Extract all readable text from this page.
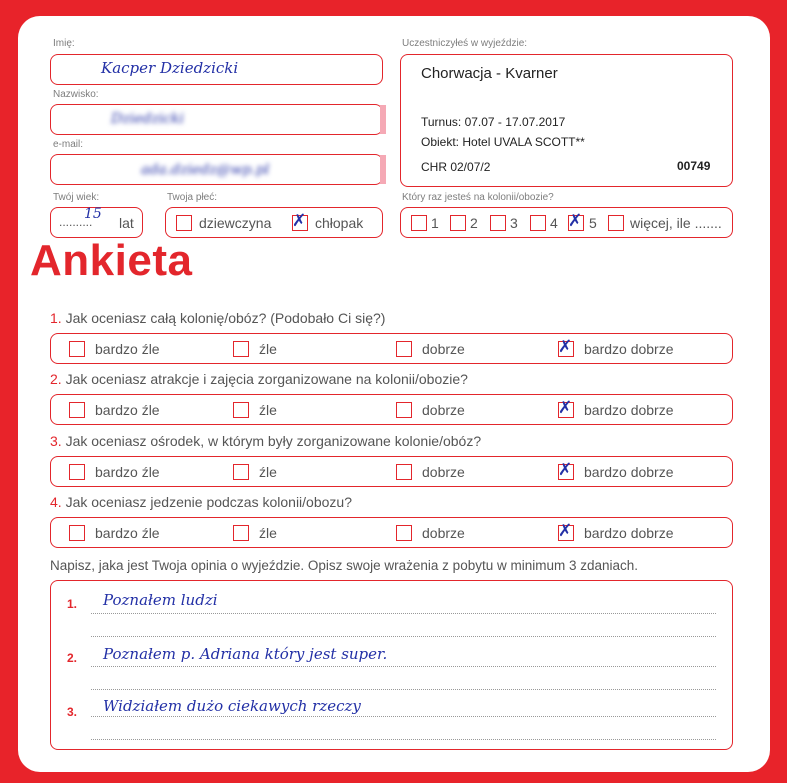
Imię:
Kacper Dziedzicki
Nazwisko:
Dziedzicki
e-mail:
ada.dziedz@wp.pl
Twój wiek:
..........
15
lat
Twoja płeć:
dziewczyna ✗ chłopak
Uczestniczyłeś w wyjeździe:
Chorwacja - Kvarner
Turnus: 07.07 - 17.07.2017
Obiekt: Hotel UVALA SCOTT**
CHR 02/07/2	00749
Który raz jesteś na kolonii/obozie?
1 2 3 4 ✗ 5 więcej, ile .......
Ankieta
1. Jak oceniasz całą kolonię/obóz? (Podobało Ci się?)
bardzo źle	źle	dobrze	✗ bardzo dobrze
2. Jak oceniasz atrakcje i zajęcia zorganizowane na kolonii/obozie?
bardzo źle	źle	dobrze	✗ bardzo dobrze
3. Jak oceniasz ośrodek, w którym były zorganizowane kolonie/obóz?
bardzo źle	źle	dobrze	✗ bardzo dobrze
4. Jak oceniasz jedzenie podczas kolonii/obozu?
bardzo źle	źle	dobrze	✗ bardzo dobrze
Napisz, jaka jest Twoja opinia o wyjeździe. Opisz swoje wrażenia z pobytu w minimum 3 zdaniach.
1. Poznałem ludzi
2. Poznałem p. Adriana który jest super.
3. Widziałem dużo ciekawych rzeczy
